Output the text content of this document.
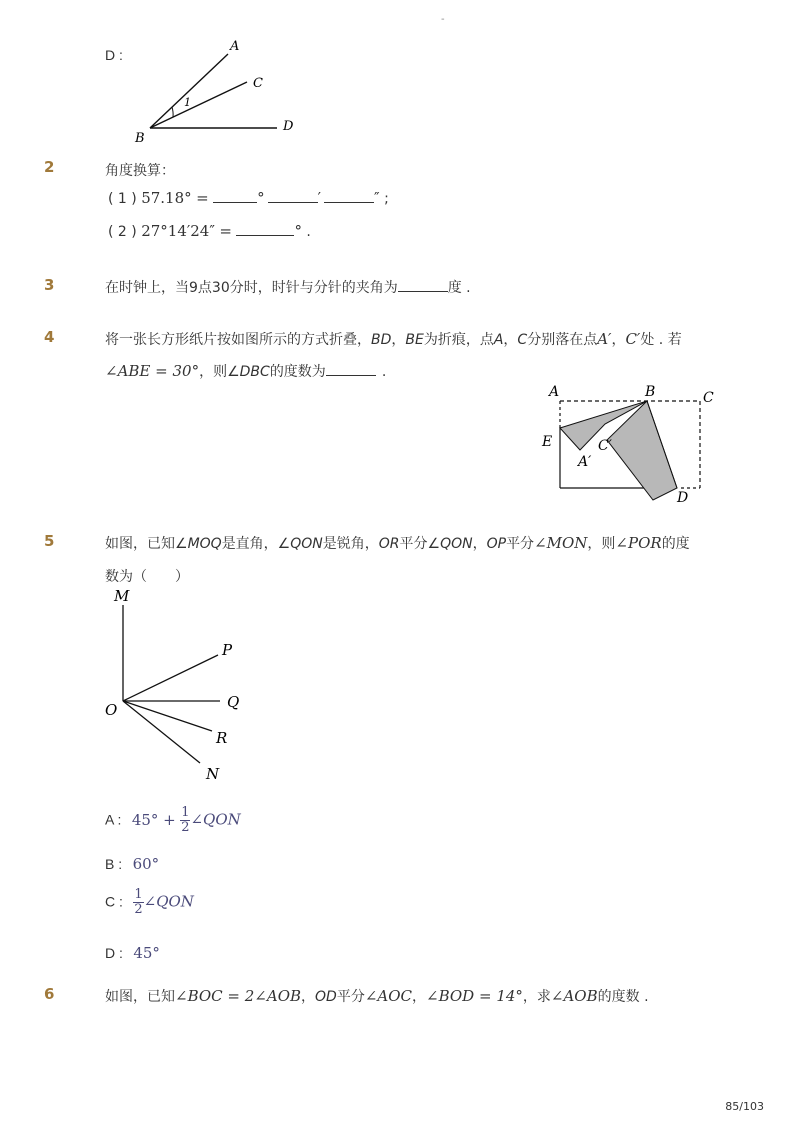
-
D :
A
C
B
D
1
2	角度换算：
( 1 ) 57.18° =	°	′	″ ;
( 2 ) 27°14′24″ =	° .
3	在时钟上，当9点30分时，时针与分针的夹角为	度 .
4	将一张长方形纸片按如图所示的方式折叠，BD，BE为折痕，点A，C分别落在点A′，C′处 . 若
∠ABE = 30°，则∠DBC的度数为	.
A	B	C
E
A′
C′
D
5	如图，已知∠MOQ是直角，∠QON是锐角，OR平分∠QON，OP平分∠MON，则∠POR的度
数为（　　）
M
P
O	Q
R
N
A : $45^\circ + \frac{1}{2}$ ∠QON
B : 60°
C : $\frac{1}{2}$ ∠QON
D : 45°
6	如图，已知∠BOC = 2∠AOB，OD平分∠AOC，∠BOD = 14°，求∠AOB的度数 .
85/103
